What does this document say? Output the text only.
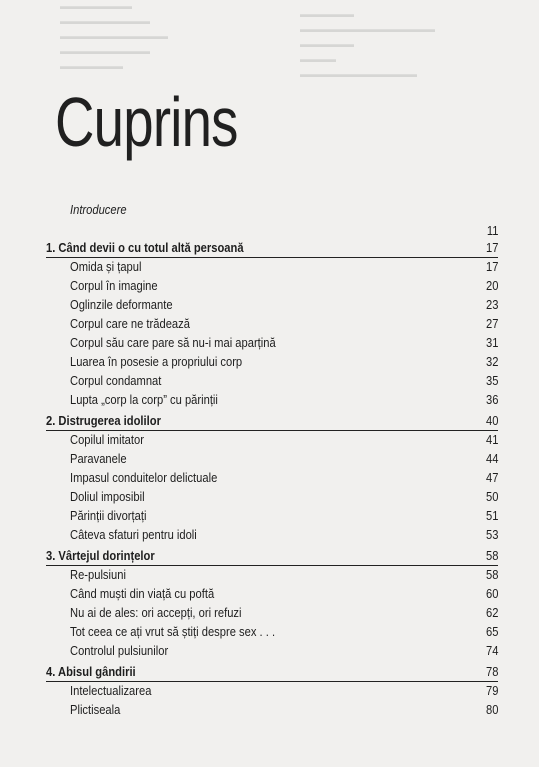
▬▬▬▬▬▬▬▬
▬▬▬▬▬▬▬▬▬▬
▬▬▬▬▬▬▬▬▬▬▬▬
▬▬▬▬▬▬▬▬▬▬
▬▬▬▬▬▬▬
▬▬▬▬▬▬
▬▬▬▬▬▬▬▬▬▬▬▬▬▬▬
▬▬▬▬▬▬
▬▬▬▬
▬▬▬▬▬▬▬▬▬▬▬▬▬
Cuprins
Introducere
11
1. Când devii o cu totul altă persoană	17
Omida și țapul	17
Corpul în imagine	20
Oglinzile deformante	23
Corpul care ne trădează	27
Corpul său care pare să nu-i mai aparțină	31
Luarea în posesie a propriului corp	32
Corpul condamnat	35
Lupta „corp la corp” cu părinții	36
2. Distrugerea idolilor	40
Copilul imitator	41
Paravanele	44
Impasul conduitelor delictuale	47
Doliul imposibil	50
Părinții divorțați	51
Câteva sfaturi pentru idoli	53
3. Vârtejul dorințelor	58
Re-pulsiuni	58
Când muști din viață cu poftă	60
Nu ai de ales: ori accepți, ori refuzi	62
Tot ceea ce ați vrut să știți despre sex . . .	65
Controlul pulsiunilor	74
4. Abisul gândirii	78
Intelectualizarea	79
Plictiseala	80
